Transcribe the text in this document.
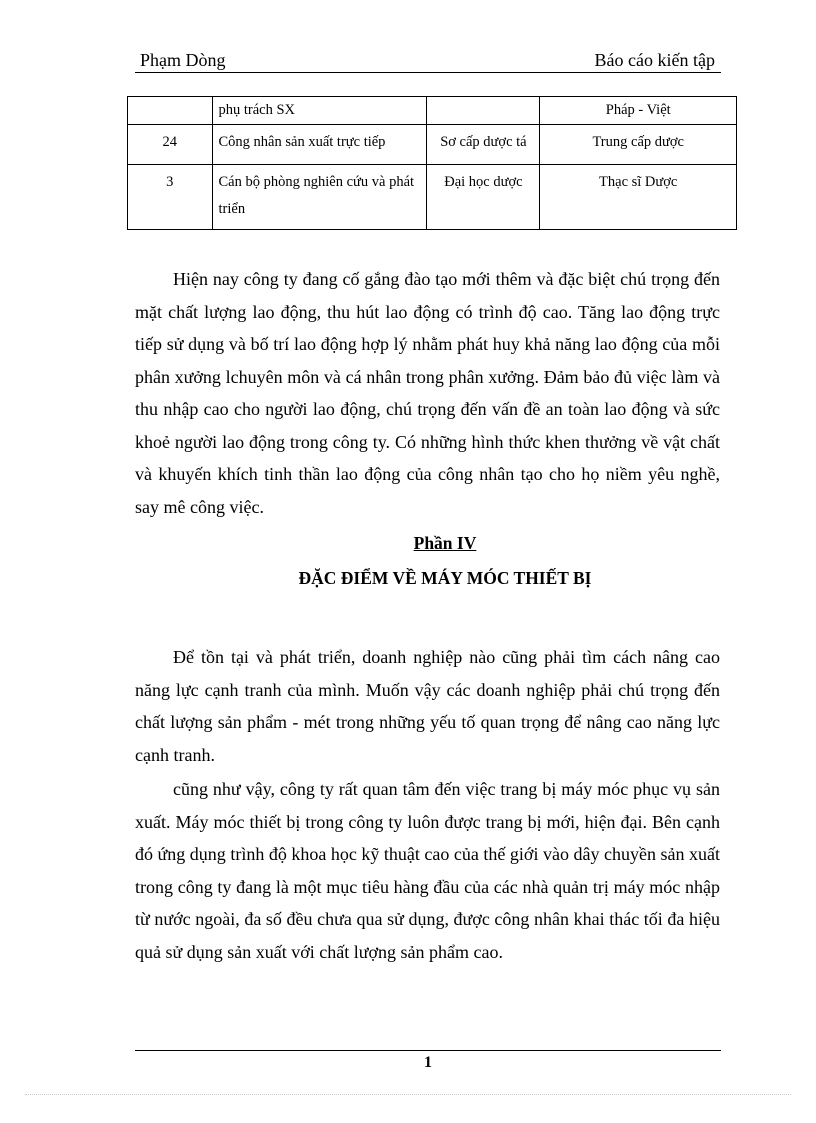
Phạm Dòng	Báo cáo kiến tập
	phụ trách SX		Pháp - Việt
24	Công nhân sản xuất trực tiếp	Sơ cấp dược tá	Trung cấp dược
3	Cán bộ phòng nghiên cứu và phát triển	Đại học dược	Thạc sĩ Dược

Hiện nay công ty đang cố gắng đào tạo mới thêm và đặc biệt chú trọng đến mặt chất lượng lao động, thu hút lao động có trình độ cao. Tăng lao động trực tiếp sử dụng và bố trí lao động hợp lý nhằm phát huy khả năng lao động của mỗi phân xưởng lchuyên môn và cá nhân trong phân xưởng. Đảm bảo đủ việc làm và thu nhập cao cho người lao động, chú trọng đến vấn đề an toàn lao động và sức khoẻ người lao động trong công ty. Có những hình thức khen thưởng về vật chất và khuyến khích tinh thần lao động của công nhân tạo cho họ niềm yêu nghề, say mê công việc.

Phần IV
ĐẶC ĐIỂM VỀ MÁY MÓC THIẾT BỊ

Để tồn tại và phát triển, doanh nghiệp nào cũng phải tìm cách nâng cao năng lực cạnh tranh của mình. Muốn vậy các doanh nghiệp phải chú trọng đến chất lượng sản phẩm - mét trong những yếu tố quan trọng để nâng cao năng lực cạnh tranh.

cũng như vậy, công ty rất quan tâm đến việc trang bị máy móc phục vụ sản xuất. Máy móc thiết bị trong công ty luôn được trang bị mới, hiện đại. Bên cạnh đó ứng dụng trình độ khoa học kỹ thuật cao của thế giới vào dây chuyền sản xuất trong công ty đang là một mục tiêu hàng đầu của các nhà quản trị máy móc nhập từ nước ngoài, đa số đều chưa qua sử dụng, được công nhân khai thác tối đa hiệu quả sử dụng sản xuất với chất lượng sản phẩm cao.

1
